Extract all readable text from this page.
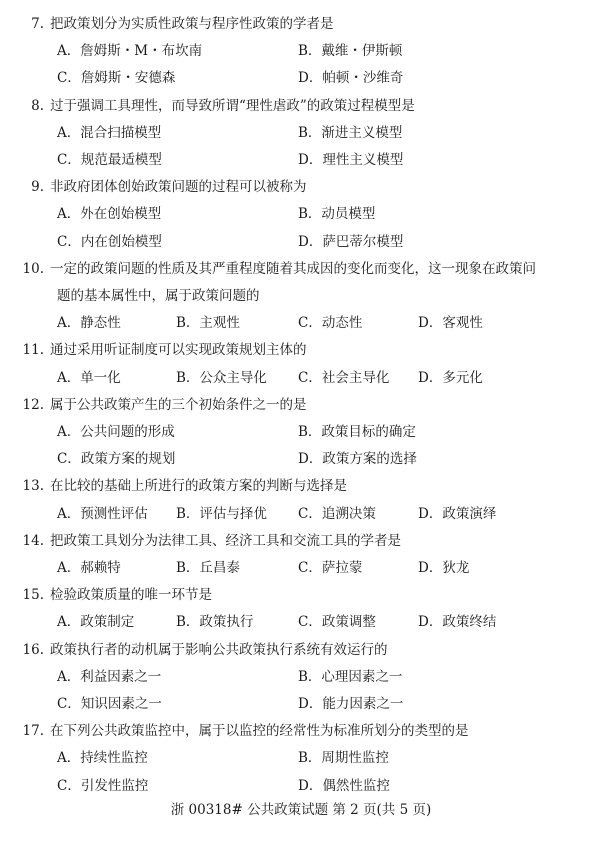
7. 把政策划分为实质性政策与程序性政策的学者是
A．詹姆斯・M・布坎南	B．戴维・伊斯顿
C．詹姆斯・安德森	D．帕顿・沙维奇
8. 过于强调工具理性，而导致所谓“理性虐政”的政策过程模型是
A．混合扫描模型	B．渐进主义模型
C．规范最适模型	D．理性主义模型
9. 非政府团体创始政策问题的过程可以被称为
A．外在创始模型	B．动员模型
C．内在创始模型	D．萨巴蒂尔模型
10. 一定的政策问题的性质及其严重程度随着其成因的变化而变化，这一现象在政策问
题的基本属性中，属于政策问题的
A．静态性	B．主观性	C．动态性	D．客观性
11. 通过采用听证制度可以实现政策规划主体的
A．单一化	B．公众主导化 C．社会主导化 D．多元化
12. 属于公共政策产生的三个初始条件之一的是
A．公共问题的形成	B．政策目标的确定
C．政策方案的规划	D．政策方案的选择
13. 在比较的基础上所进行的政策方案的判断与选择是
A．预测性评估 B．评估与择优 C．追溯决策	D．政策演绎
14. 把政策工具划分为法律工具、经济工具和交流工具的学者是
A．郝赖特	B．丘昌泰	C．萨拉蒙	D．狄龙
15. 检验政策质量的唯一环节是
A．政策制定	B．政策执行	C．政策调整	D．政策终结
16. 政策执行者的动机属于影响公共政策执行系统有效运行的
A．利益因素之一	B．心理因素之一
C．知识因素之一	D．能力因素之一
17. 在下列公共政策监控中，属于以监控的经常性为标准所划分的类型的是
A．持续性监控	B．周期性监控
C．引发性监控	D．偶然性监控
浙 00318# 公共政策试题 第 2 页(共 5 页)
